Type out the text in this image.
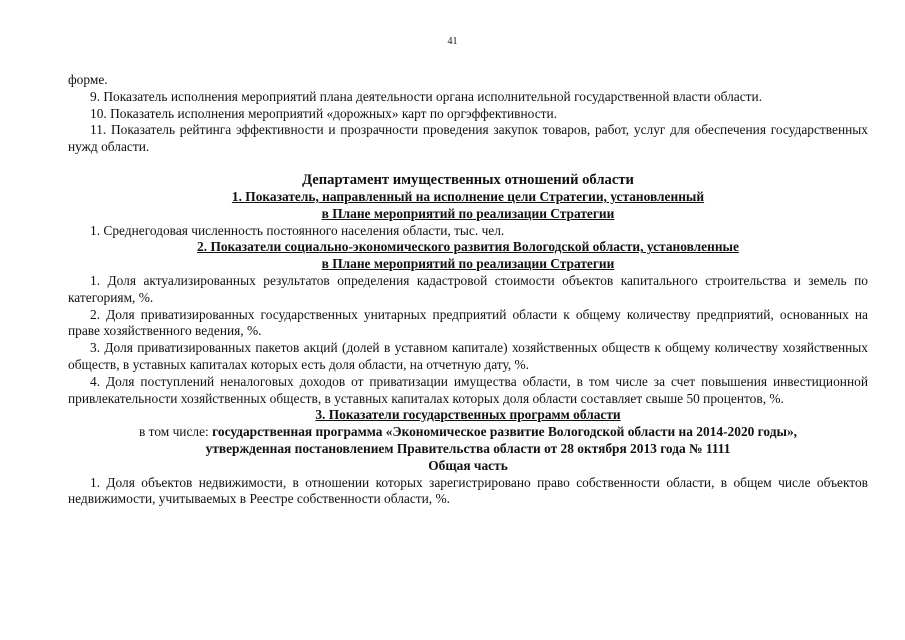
41

форме.

9. Показатель исполнения мероприятий плана деятельности органа исполнительной государственной власти области.

10. Показатель исполнения мероприятий «дорожных» карт по оргэффективности.

11. Показатель рейтинга эффективности и прозрачности проведения закупок товаров, работ, услуг для обеспечения государственных нужд области.

Департамент имущественных отношений области

1. Показатель, направленный на исполнение цели Стратегии, установленный

в Плане мероприятий по реализации Стратегии

1. Среднегодовая численность постоянного населения области, тыс. чел.

2. Показатели социально-экономического развития Вологодской области, установленные

в Плане мероприятий по реализации Стратегии

1. Доля актуализированных результатов определения кадастровой стоимости объектов капитального строительства и земель по категориям, %.

2. Доля приватизированных государственных унитарных предприятий области к общему количеству предприятий, основанных на праве хозяйственного ведения, %.

3. Доля приватизированных пакетов акций (долей в уставном капитале) хозяйственных обществ к общему количеству хозяйственных обществ, в уставных капиталах которых есть доля области, на отчетную дату, %.

4. Доля поступлений неналоговых доходов от приватизации имущества области, в том числе за счет повышения инвестиционной привлекательности хозяйственных обществ, в уставных капиталах которых доля области составляет свыше 50 процентов, %.

3. Показатели государственных программ области

в том числе: государственная программа «Экономическое развитие Вологодской области на 2014-2020 годы»,

утвержденная постановлением Правительства области от 28 октября 2013 года № 1111

Общая часть

1. Доля объектов недвижимости, в отношении которых зарегистрировано право собственности области, в общем числе объектов недвижимости, учитываемых в Реестре собственности области, %.
